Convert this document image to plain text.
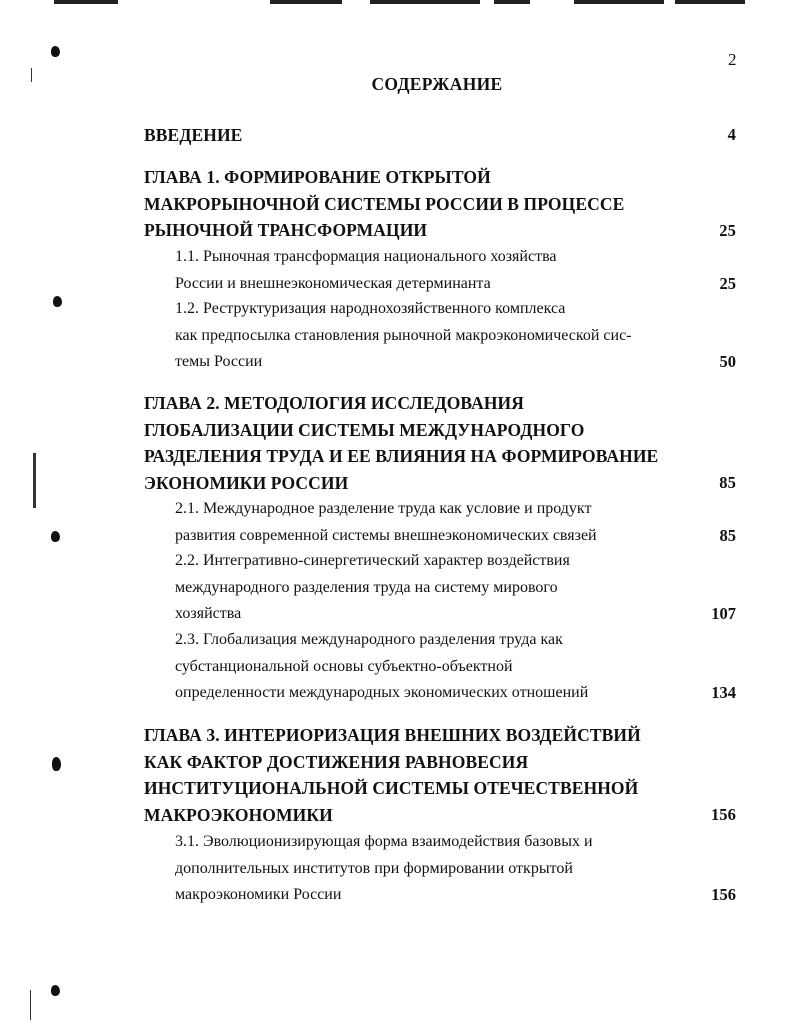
2
СОДЕРЖАНИЕ
ВВЕДЕНИЕ	4
ГЛАВА 1. ФОРМИРОВАНИЕ ОТКРЫТОЙ
МАКРОРЫНОЧНОЙ СИСТЕМЫ РОССИИ В ПРОЦЕССЕ
РЫНОЧНОЙ ТРАНСФОРМАЦИИ	25
1.1. Рыночная трансформация национального хозяйства
России и внешнеэкономическая детерминанта	25
1.2. Реструктуризация народнохозяйственного комплекса
как предпосылка становления рыночной макроэкономической сис-
темы России	50
ГЛАВА 2. МЕТОДОЛОГИЯ ИССЛЕДОВАНИЯ
ГЛОБАЛИЗАЦИИ СИСТЕМЫ МЕЖДУНАРОДНОГО
РАЗДЕЛЕНИЯ ТРУДА И ЕЕ ВЛИЯНИЯ НА ФОРМИРОВАНИЕ
ЭКОНОМИКИ РОССИИ	85
2.1. Международное разделение труда как условие и продукт
развития современной системы внешнеэкономических связей	85
2.2. Интегративно-синергетический характер воздействия
международного разделения труда на систему мирового
хозяйства	107
2.3. Глобализация международного разделения труда как
субстанциональной основы субъектно-объектной
определенности международных экономических отношений	134
ГЛАВА 3. ИНТЕРИОРИЗАЦИЯ ВНЕШНИХ ВОЗДЕЙСТВИЙ
КАК ФАКТОР ДОСТИЖЕНИЯ РАВНОВЕСИЯ
ИНСТИТУЦИОНАЛЬНОЙ СИСТЕМЫ ОТЕЧЕСТВЕННОЙ
МАКРОЭКОНОМИКИ	156
3.1. Эволюционизирующая форма взаимодействия базовых и
дополнительных институтов при формировании открытой
макроэкономики России	156
